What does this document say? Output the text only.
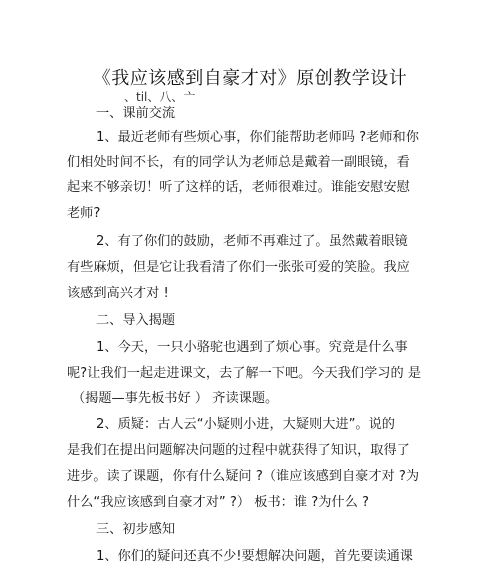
《我应该感到自豪才对》原创教学设计
、til、八、亠
一、课前交流
1、最近老师有些烦心事，你们能帮助老师吗 ?老师和你
们相处时间不长，有的同学认为老师总是戴着一副眼镜，看
起来不够亲切！听了这样的话，老师很难过。谁能安慰安慰
老师?
2、有了你们的鼓励，老师不再难过了。虽然戴着眼镜
有些麻烦，但是它让我看清了你们一张张可爱的笑脸。我应
该感到高兴才对 !
二、导入揭题
1、今天，一只小骆驼也遇到了烦心事。究竟是什么事
呢?让我们一起走进课文，去了解一下吧。今天我们学习的 是
（揭题—事先板书好 ） 齐读课题。
2、质疑：古人云“小疑则小进，大疑则大进”。说的
是我们在提出问题解决问题的过程中就获得了知识，取得了
进步。读了课题，你有什么疑问 ?（谁应该感到自豪才对 ?为
什么“我应该感到自豪才对” ?） 板书：谁 ?为什么 ?
三、初步感知
1、你们的疑问还真不少!要想解决问题，首先要读通课
